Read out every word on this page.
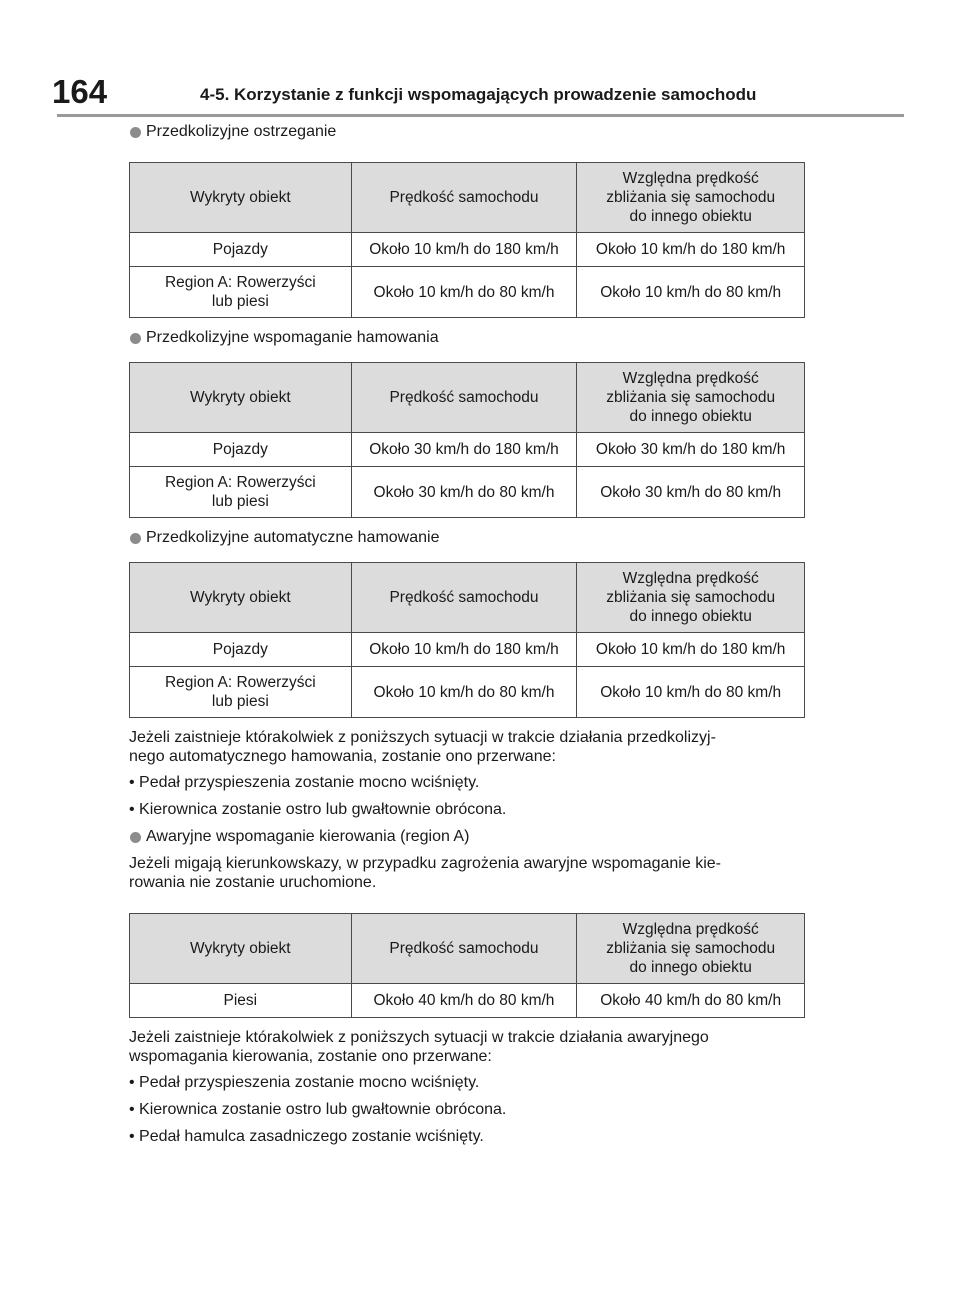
164	4-5. Korzystanie z funkcji wspomagających prowadzenie samochodu
Przedkolizyjne ostrzeganie
Wykryty obiekt	Prędkość samochodu	Względna prędkość
zbliżania się samochodu
do innego obiektu
Pojazdy	Około 10 km/h do 180 km/h	Około 10 km/h do 180 km/h
Region A: Rowerzyści
lub piesi	Około 10 km/h do 80 km/h	Około 10 km/h do 80 km/h
Przedkolizyjne wspomaganie hamowania
Wykryty obiekt	Prędkość samochodu	Względna prędkość
zbliżania się samochodu
do innego obiektu
Pojazdy	Około 30 km/h do 180 km/h	Około 30 km/h do 180 km/h
Region A: Rowerzyści
lub piesi	Około 30 km/h do 80 km/h	Około 30 km/h do 80 km/h
Przedkolizyjne automatyczne hamowanie
Wykryty obiekt	Prędkość samochodu	Względna prędkość
zbliżania się samochodu
do innego obiektu
Pojazdy	Około 10 km/h do 180 km/h	Około 10 km/h do 180 km/h
Region A: Rowerzyści
lub piesi	Około 10 km/h do 80 km/h	Około 10 km/h do 80 km/h

Jeżeli zaistnieje którakolwiek z poniższych sytuacji w trakcie działania przedkolizyj-
nego automatycznego hamowania, zostanie ono przerwane:

• Pedał przyspieszenia zostanie mocno wciśnięty.
• Kierownica zostanie ostro lub gwałtownie obrócona.
Awaryjne wspomaganie kierowania (region A)

Jeżeli migają kierunkowskazy, w przypadku zagrożenia awaryjne wspomaganie kie-
rowania nie zostanie uruchomione.

Wykryty obiekt	Prędkość samochodu	Względna prędkość
zbliżania się samochodu
do innego obiektu
Piesi	Około 40 km/h do 80 km/h	Około 40 km/h do 80 km/h

Jeżeli zaistnieje którakolwiek z poniższych sytuacji w trakcie działania awaryjnego
wspomagania kierowania, zostanie ono przerwane:

• Pedał przyspieszenia zostanie mocno wciśnięty.
• Kierownica zostanie ostro lub gwałtownie obrócona.
• Pedał hamulca zasadniczego zostanie wciśnięty.
